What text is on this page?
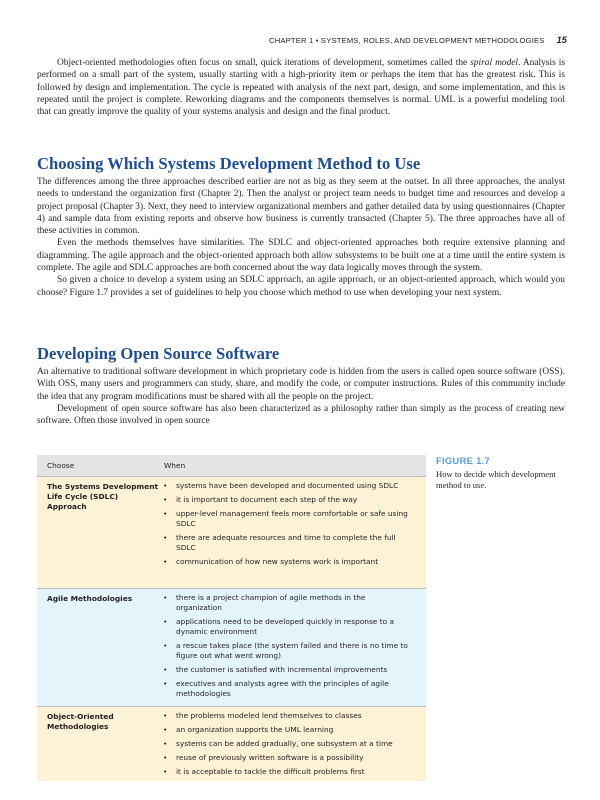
CHAPTER 1 • SYSTEMS, ROLES, AND DEVELOPMENT METHODOLOGIES 15

Object-oriented methodologies often focus on small, quick iterations of development, sometimes called the spiral model. Analysis is performed on a small part of the system, usually starting with a high-priority item or perhaps the item that has the greatest risk. This is followed by design and implementation. The cycle is repeated with analysis of the next part, design, and some implementation, and this is repeated until the project is complete. Reworking diagrams and the components themselves is normal. UML is a powerful modeling tool that can greatly improve the quality of your systems analysis and design and the final product.

Choosing Which Systems Development Method to Use

The differences among the three approaches described earlier are not as big as they seem at the outset. In all three approaches, the analyst needs to understand the organization first (Chapter 2). Then the analyst or project team needs to budget time and resources and develop a project proposal (Chapter 3). Next, they need to interview organizational members and gather detailed data by using questionnaires (Chapter 4) and sample data from existing reports and observe how business is currently transacted (Chapter 5). The three approaches have all of these activities in common.

Even the methods themselves have similarities. The SDLC and object-oriented approaches both require extensive planning and diagramming. The agile approach and the object-oriented approach both allow subsystems to be built one at a time until the entire system is complete. The agile and SDLC approaches are both concerned about the way data logically moves through the system.

So given a choice to develop a system using an SDLC approach, an agile approach, or an object-oriented approach, which would you choose? Figure 1.7 provides a set of guidelines to help you choose which method to use when developing your next system.

Developing Open Source Software

An alternative to traditional software development in which proprietary code is hidden from the users is called open source software (OSS). With OSS, many users and programmers can study, share, and modify the code, or computer instructions. Rules of this community include the idea that any program modifications must be shared with all the people on the project.

Development of open source software has also been characterized as a philosophy rather than simply as the process of creating new software. Often those involved in open source

Choose	When
The Systems Development Life Cycle (SDLC) Approach
• systems have been developed and documented using SDLC
• it is important to document each step of the way
• upper-level management feels more comfortable or safe using SDLC
• there are adequate resources and time to complete the full SDLC
• communication of how new systems work is important
Agile Methodologies	• there is a project champion of agile methods in the organization
• applications need to be developed quickly in response to a dynamic environment
• a rescue takes place (the system failed and there is no time to figure out what went wrong)
• the customer is satisfied with incremental improvements
• executives and analysts agree with the principles of agile methodologies
Object-Oriented Methodologies
• the problems modeled lend themselves to classes
• an organization supports the UML learning
• systems can be added gradually, one subsystem at a time
• reuse of previously written software is a possibility
• it is acceptable to tackle the difficult problems first
FIGURE 1.7
How to decide which development method to use.
